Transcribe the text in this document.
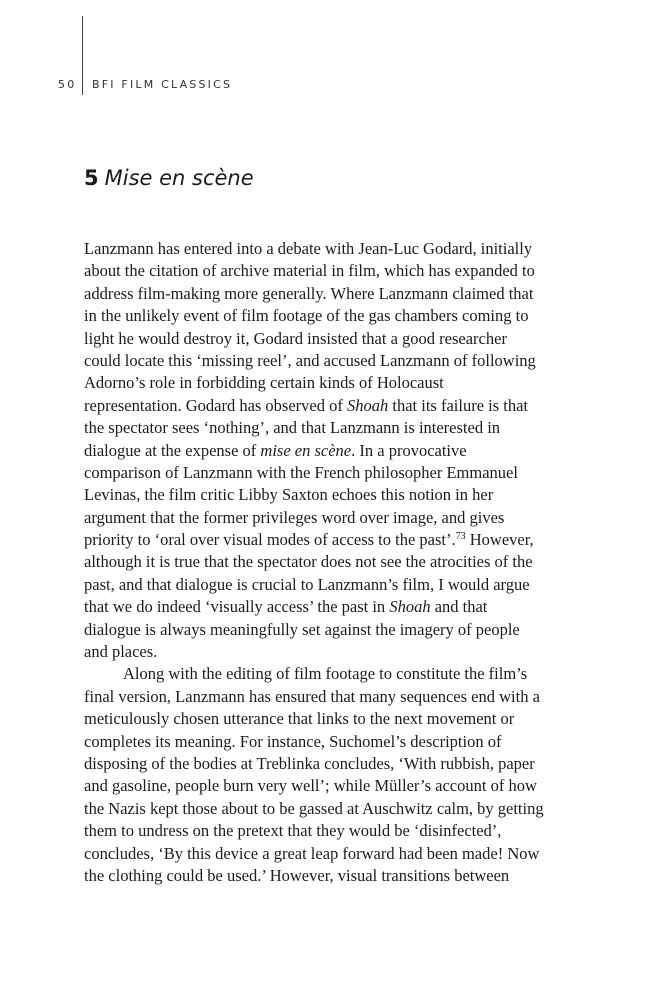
50 BFI FILM CLASSICS
5 Mise en scène
Lanzmann has entered into a debate with Jean-Luc Godard, initially
about the citation of archive material in film, which has expanded to
address film-making more generally. Where Lanzmann claimed that
in the unlikely event of film footage of the gas chambers coming to
light he would destroy it, Godard insisted that a good researcher
could locate this ‘missing reel’, and accused Lanzmann of following
Adorno’s role in forbidding certain kinds of Holocaust
representation. Godard has observed of Shoah that its failure is that
the spectator sees ‘nothing’, and that Lanzmann is interested in
dialogue at the expense of mise en scène. In a provocative
comparison of Lanzmann with the French philosopher Emmanuel
Levinas, the film critic Libby Saxton echoes this notion in her
argument that the former privileges word over image, and gives
priority to ‘oral over visual modes of access to the past’.$^{73}$ However,
although it is true that the spectator does not see the atrocities of the
past, and that dialogue is crucial to Lanzmann’s film, I would argue
that we do indeed ‘visually access’ the past in Shoah and that
dialogue is always meaningfully set against the imagery of people
and places.
Along with the editing of film footage to constitute the film’s
final version, Lanzmann has ensured that many sequences end with a
meticulously chosen utterance that links to the next movement or
completes its meaning. For instance, Suchomel’s description of
disposing of the bodies at Treblinka concludes, ‘With rubbish, paper
and gasoline, people burn very well’; while Müller’s account of how
the Nazis kept those about to be gassed at Auschwitz calm, by getting
them to undress on the pretext that they would be ‘disinfected’,
concludes, ‘By this device a great leap forward had been made! Now
the clothing could be used.’ However, visual transitions between
